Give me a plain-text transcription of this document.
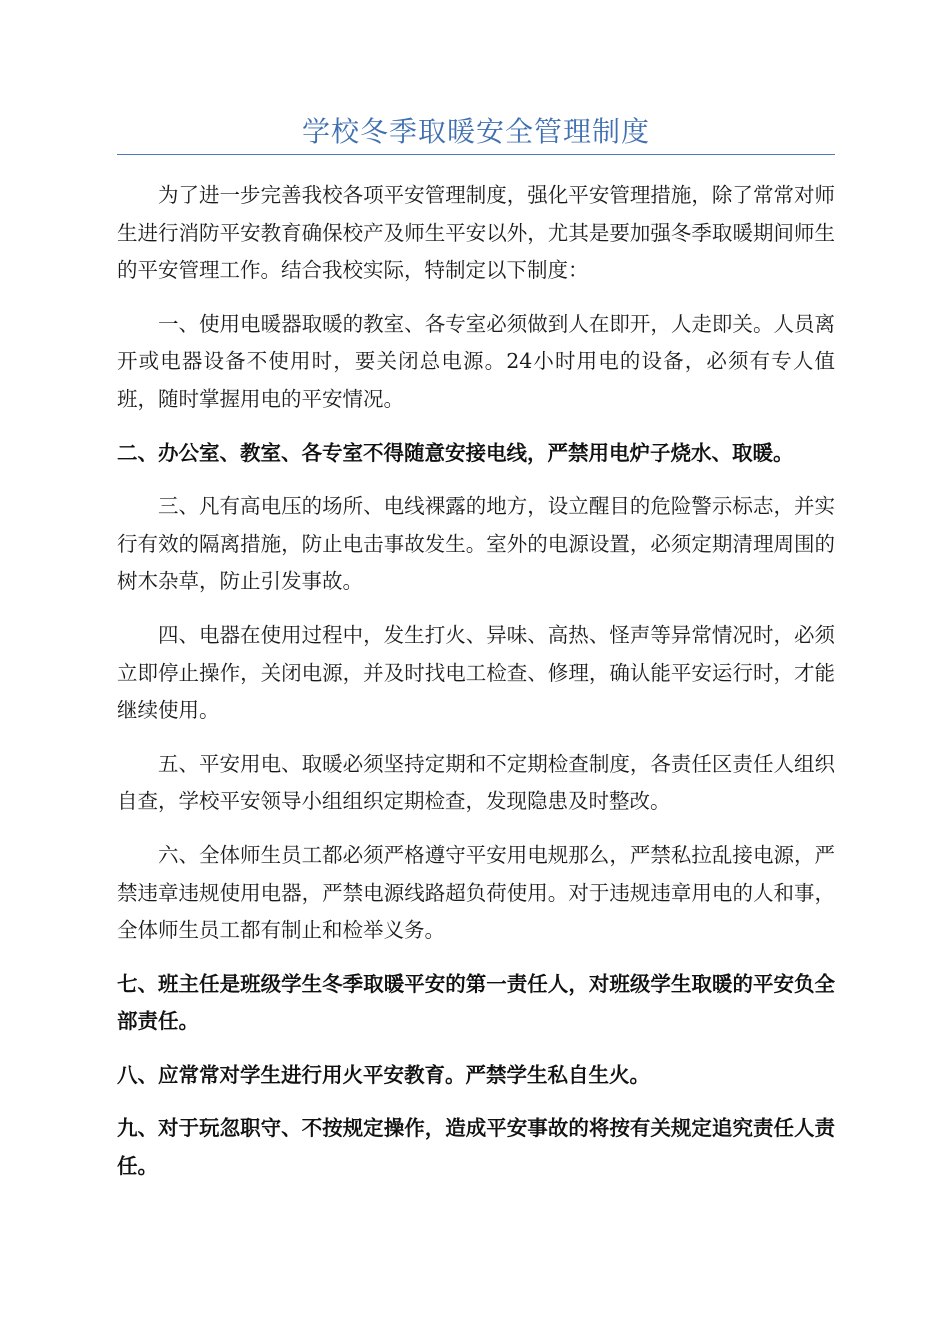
学校冬季取暖安全管理制度

为了进一步完善我校各项平安管理制度，强化平安管理措施，除了常常对师生进行消防平安教育确保校产及师生平安以外，尤其是要加强冬季取暖期间师生的平安管理工作。结合我校实际，特制定以下制度：

一、使用电暖器取暖的教室、各专室必须做到人在即开，人走即关。人员离开或电器设备不使用时，要关闭总电源。24小时用电的设备，必须有专人值班，随时掌握用电的平安情况。

二、办公室、教室、各专室不得随意安接电线，严禁用电炉子烧水、取暖。

三、凡有高电压的场所、电线裸露的地方，设立醒目的危险警示标志，并实行有效的隔离措施，防止电击事故发生。室外的电源设置，必须定期清理周围的树木杂草，防止引发事故。

四、电器在使用过程中，发生打火、异味、高热、怪声等异常情况时，必须立即停止操作，关闭电源，并及时找电工检查、修理，确认能平安运行时，才能继续使用。

五、平安用电、取暖必须坚持定期和不定期检查制度，各责任区责任人组织自查，学校平安领导小组组织定期检查，发现隐患及时整改。

六、全体师生员工都必须严格遵守平安用电规那么，严禁私拉乱接电源，严禁违章违规使用电器，严禁电源线路超负荷使用。对于违规违章用电的人和事，全体师生员工都有制止和检举义务。

七、班主任是班级学生冬季取暖平安的第一责任人，对班级学生取暖的平安负全部责任。

八、应常常对学生进行用火平安教育。严禁学生私自生火。

九、对于玩忽职守、不按规定操作，造成平安事故的将按有关规定追究责任人责任。
